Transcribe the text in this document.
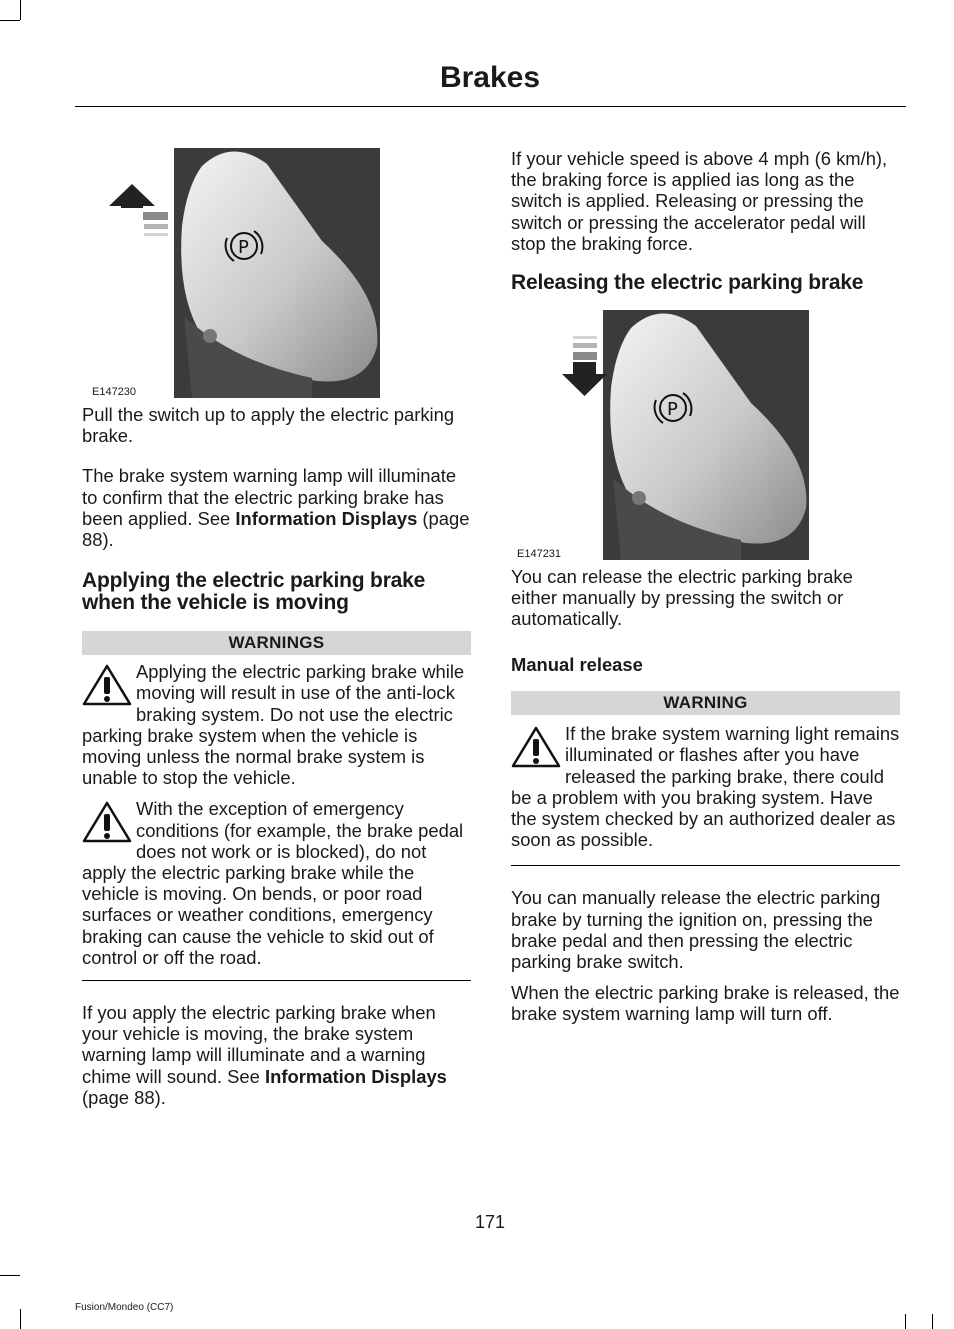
Brakes
P
E147230

Pull the switch up to apply the electric parking brake.

The brake system warning lamp will illuminate to confirm that the electric parking brake has been applied. See Information Displays (page 88).

Applying the electric parking brake when the vehicle is moving
WARNINGS

Applying the electric parking brake while moving will result in use of the anti-lock braking system. Do not use the electric parking brake system when the vehicle is moving unless the normal brake system is unable to stop the vehicle.

With the exception of emergency conditions (for example, the brake pedal does not work or is blocked), do not apply the electric parking brake while the vehicle is moving. On bends, or poor road surfaces or weather conditions, emergency braking can cause the vehicle to skid out of control or off the road.

If you apply the electric parking brake when your vehicle is moving, the brake system warning lamp will illuminate and a warning chime will sound. See Information Displays (page 88).

If your vehicle speed is above 4 mph (6 km/h), the braking force is applied ias long as the switch is applied. Releasing or pressing the switch or pressing the accelerator pedal will stop the braking force.

Releasing the electric parking brake
P
E147231

You can release the electric parking brake either manually by pressing the switch or automatically.

Manual release
WARNING

If the brake system warning light remains illuminated or flashes after you have released the parking brake, there could be a problem with you braking system. Have the system checked by an authorized dealer as soon as possible.

You can manually release the electric parking brake by turning the ignition on, pressing the brake pedal and then pressing the electric parking brake switch.

When the electric parking brake is released, the brake system warning lamp will turn off.

171
Fusion/Mondeo (CC7)
